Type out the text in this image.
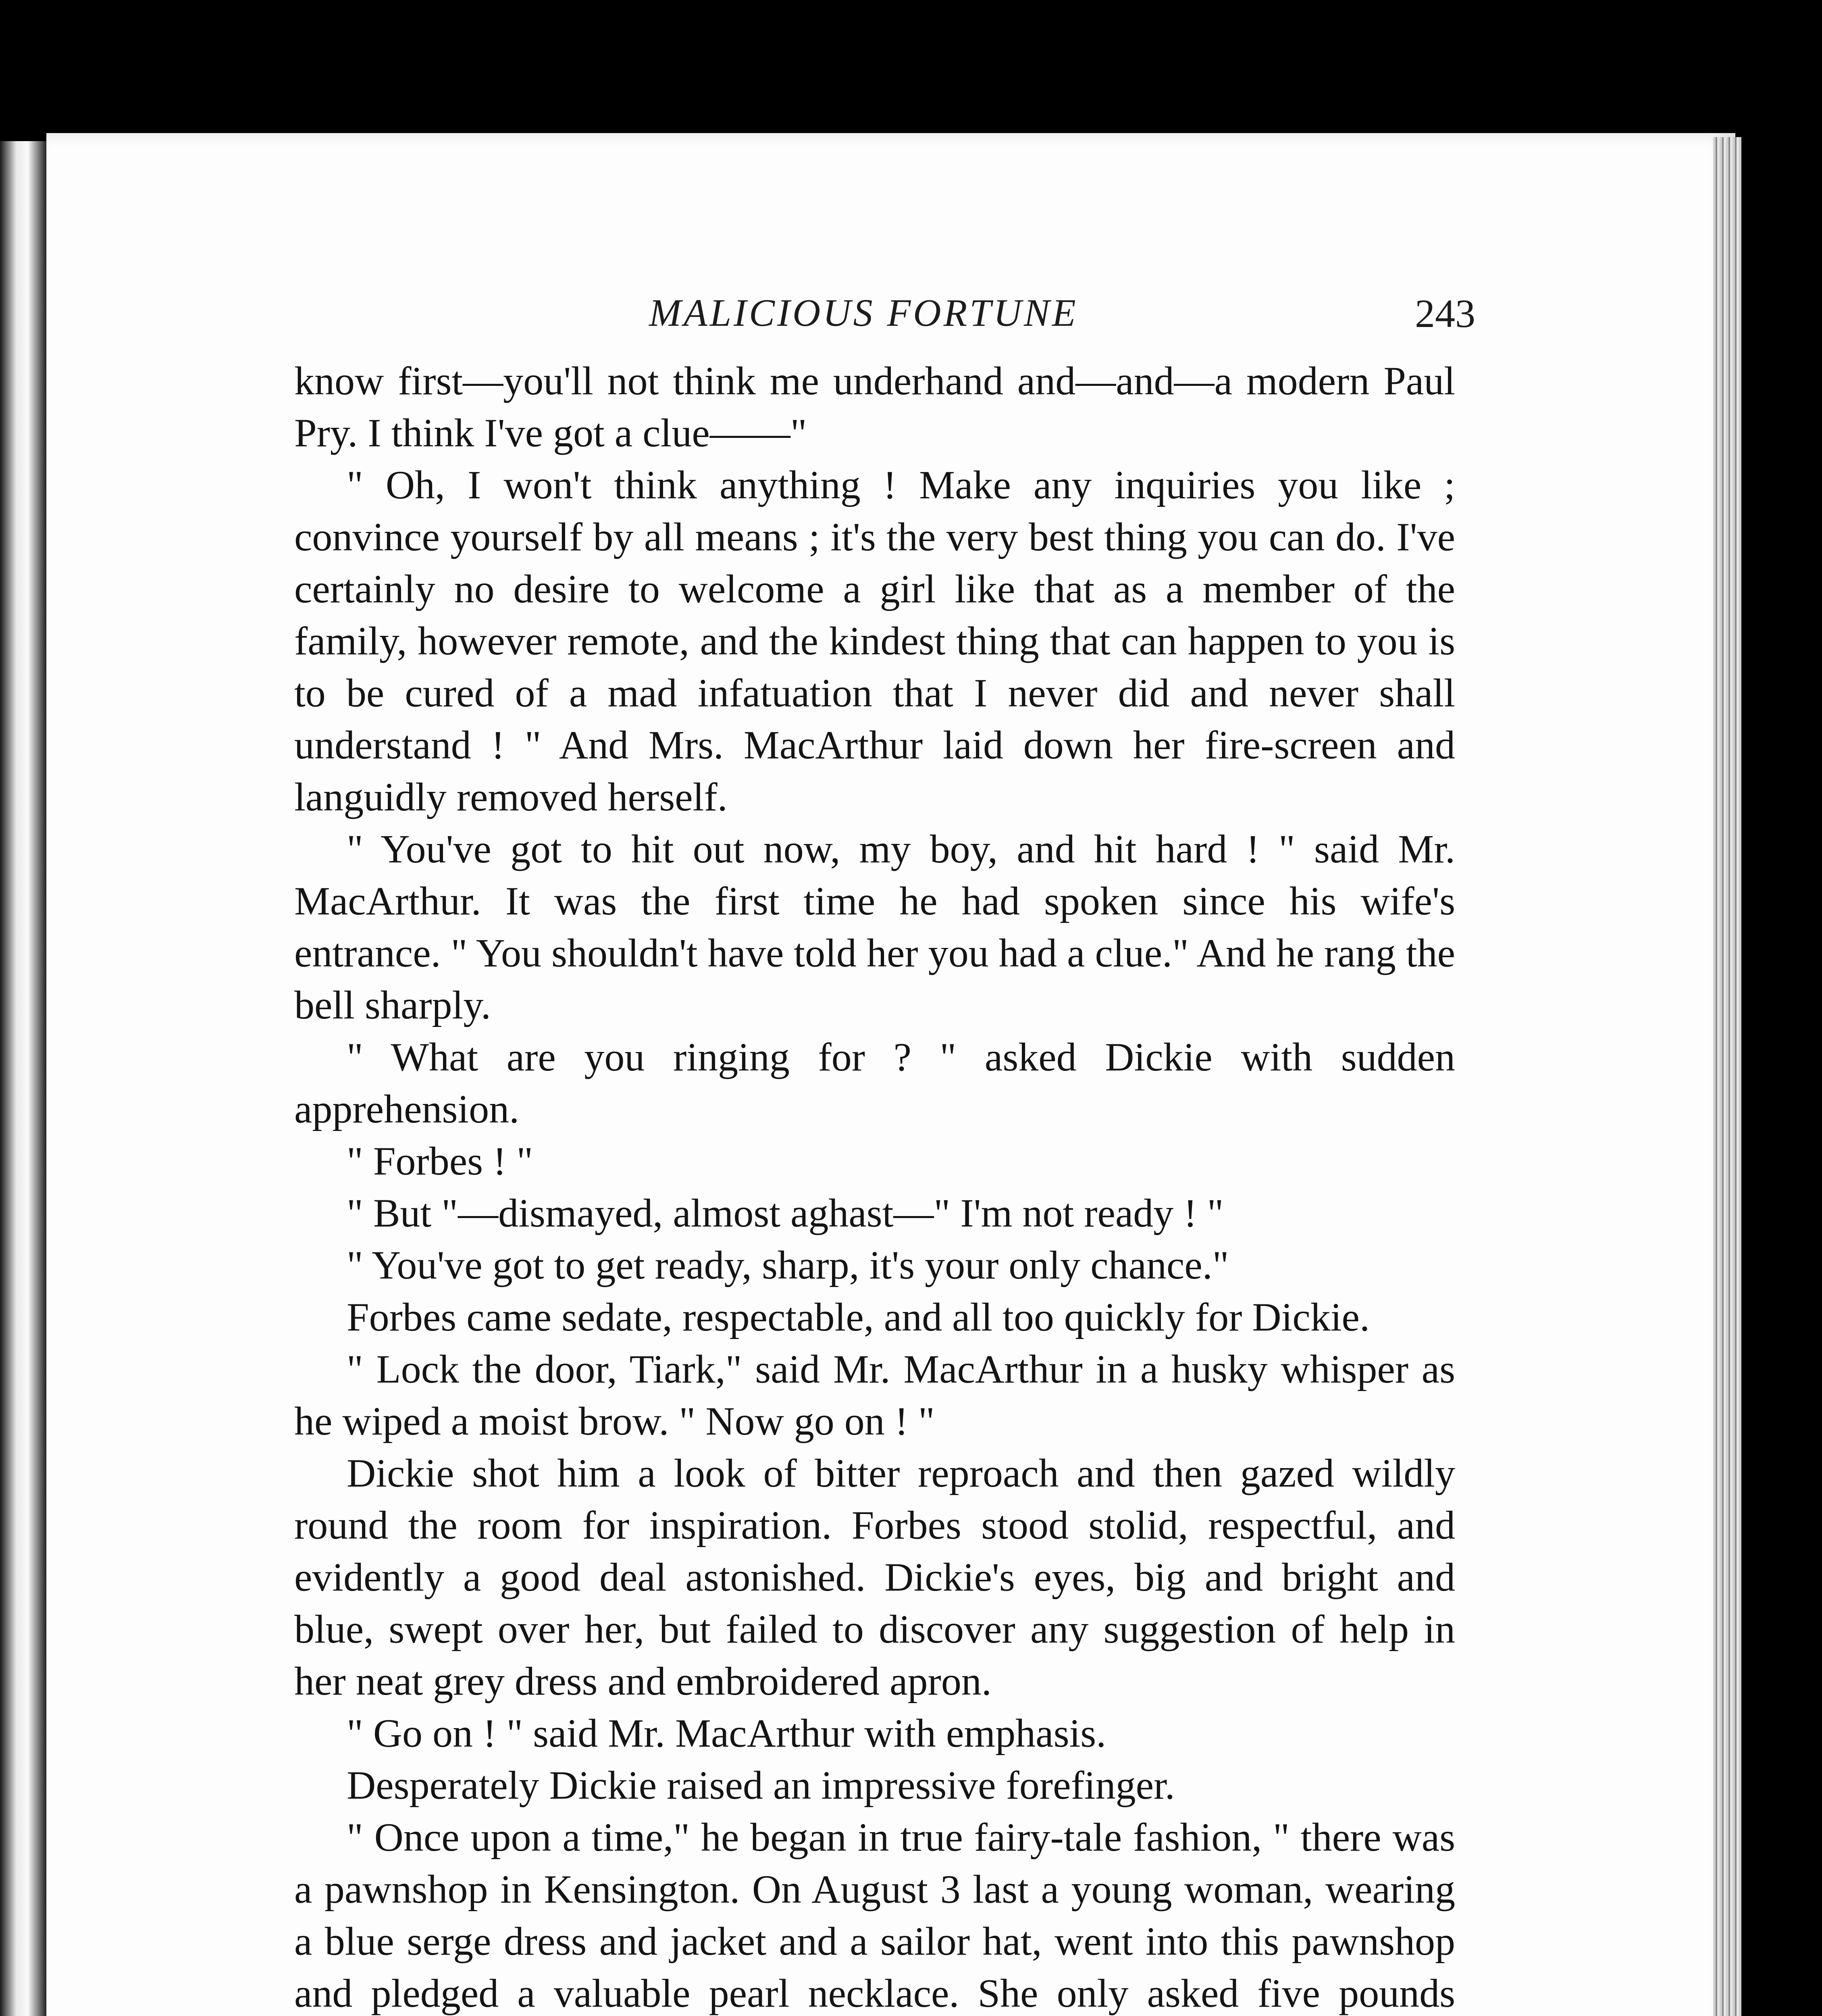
MALICIOUS FORTUNE	243

know first—you'll not think me underhand and—and—a modern Paul Pry. I think I've got a clue——"

" Oh, I won't think anything ! Make any inquiries you like ; convince yourself by all means ; it's the very best thing you can do. I've certainly no desire to welcome a girl like that as a member of the family, however remote, and the kindest thing that can happen to you is to be cured of a mad infatuation that I never did and never shall understand ! " And Mrs. MacArthur laid down her fire-screen and languidly removed herself.

" You've got to hit out now, my boy, and hit hard ! " said Mr. MacArthur. It was the first time he had spoken since his wife's entrance. " You shouldn't have told her you had a clue." And he rang the bell sharply.

" What are you ringing for ? " asked Dickie with sudden apprehension.

" Forbes ! "

" But "—dismayed, almost aghast—" I'm not ready ! "

" You've got to get ready, sharp, it's your only chance."

Forbes came sedate, respectable, and all too quickly for Dickie.

" Lock the door, Tiark," said Mr. MacArthur in a husky whisper as he wiped a moist brow. " Now go on ! "

Dickie shot him a look of bitter reproach and then gazed wildly round the room for inspiration. Forbes stood stolid, respectful, and evidently a good deal astonished. Dickie's eyes, big and bright and blue, swept over her, but failed to discover any suggestion of help in her neat grey dress and embroidered apron.

" Go on ! " said Mr. MacArthur with emphasis.

Desperately Dickie raised an impressive forefinger.

" Once upon a time," he began in true fairy-tale fashion, " there was a pawnshop in Kensington. On August 3 last a young woman, wearing a blue serge dress and jacket and a sailor hat, went into this pawnshop and pledged a valuable pearl necklace. She only asked five pounds
